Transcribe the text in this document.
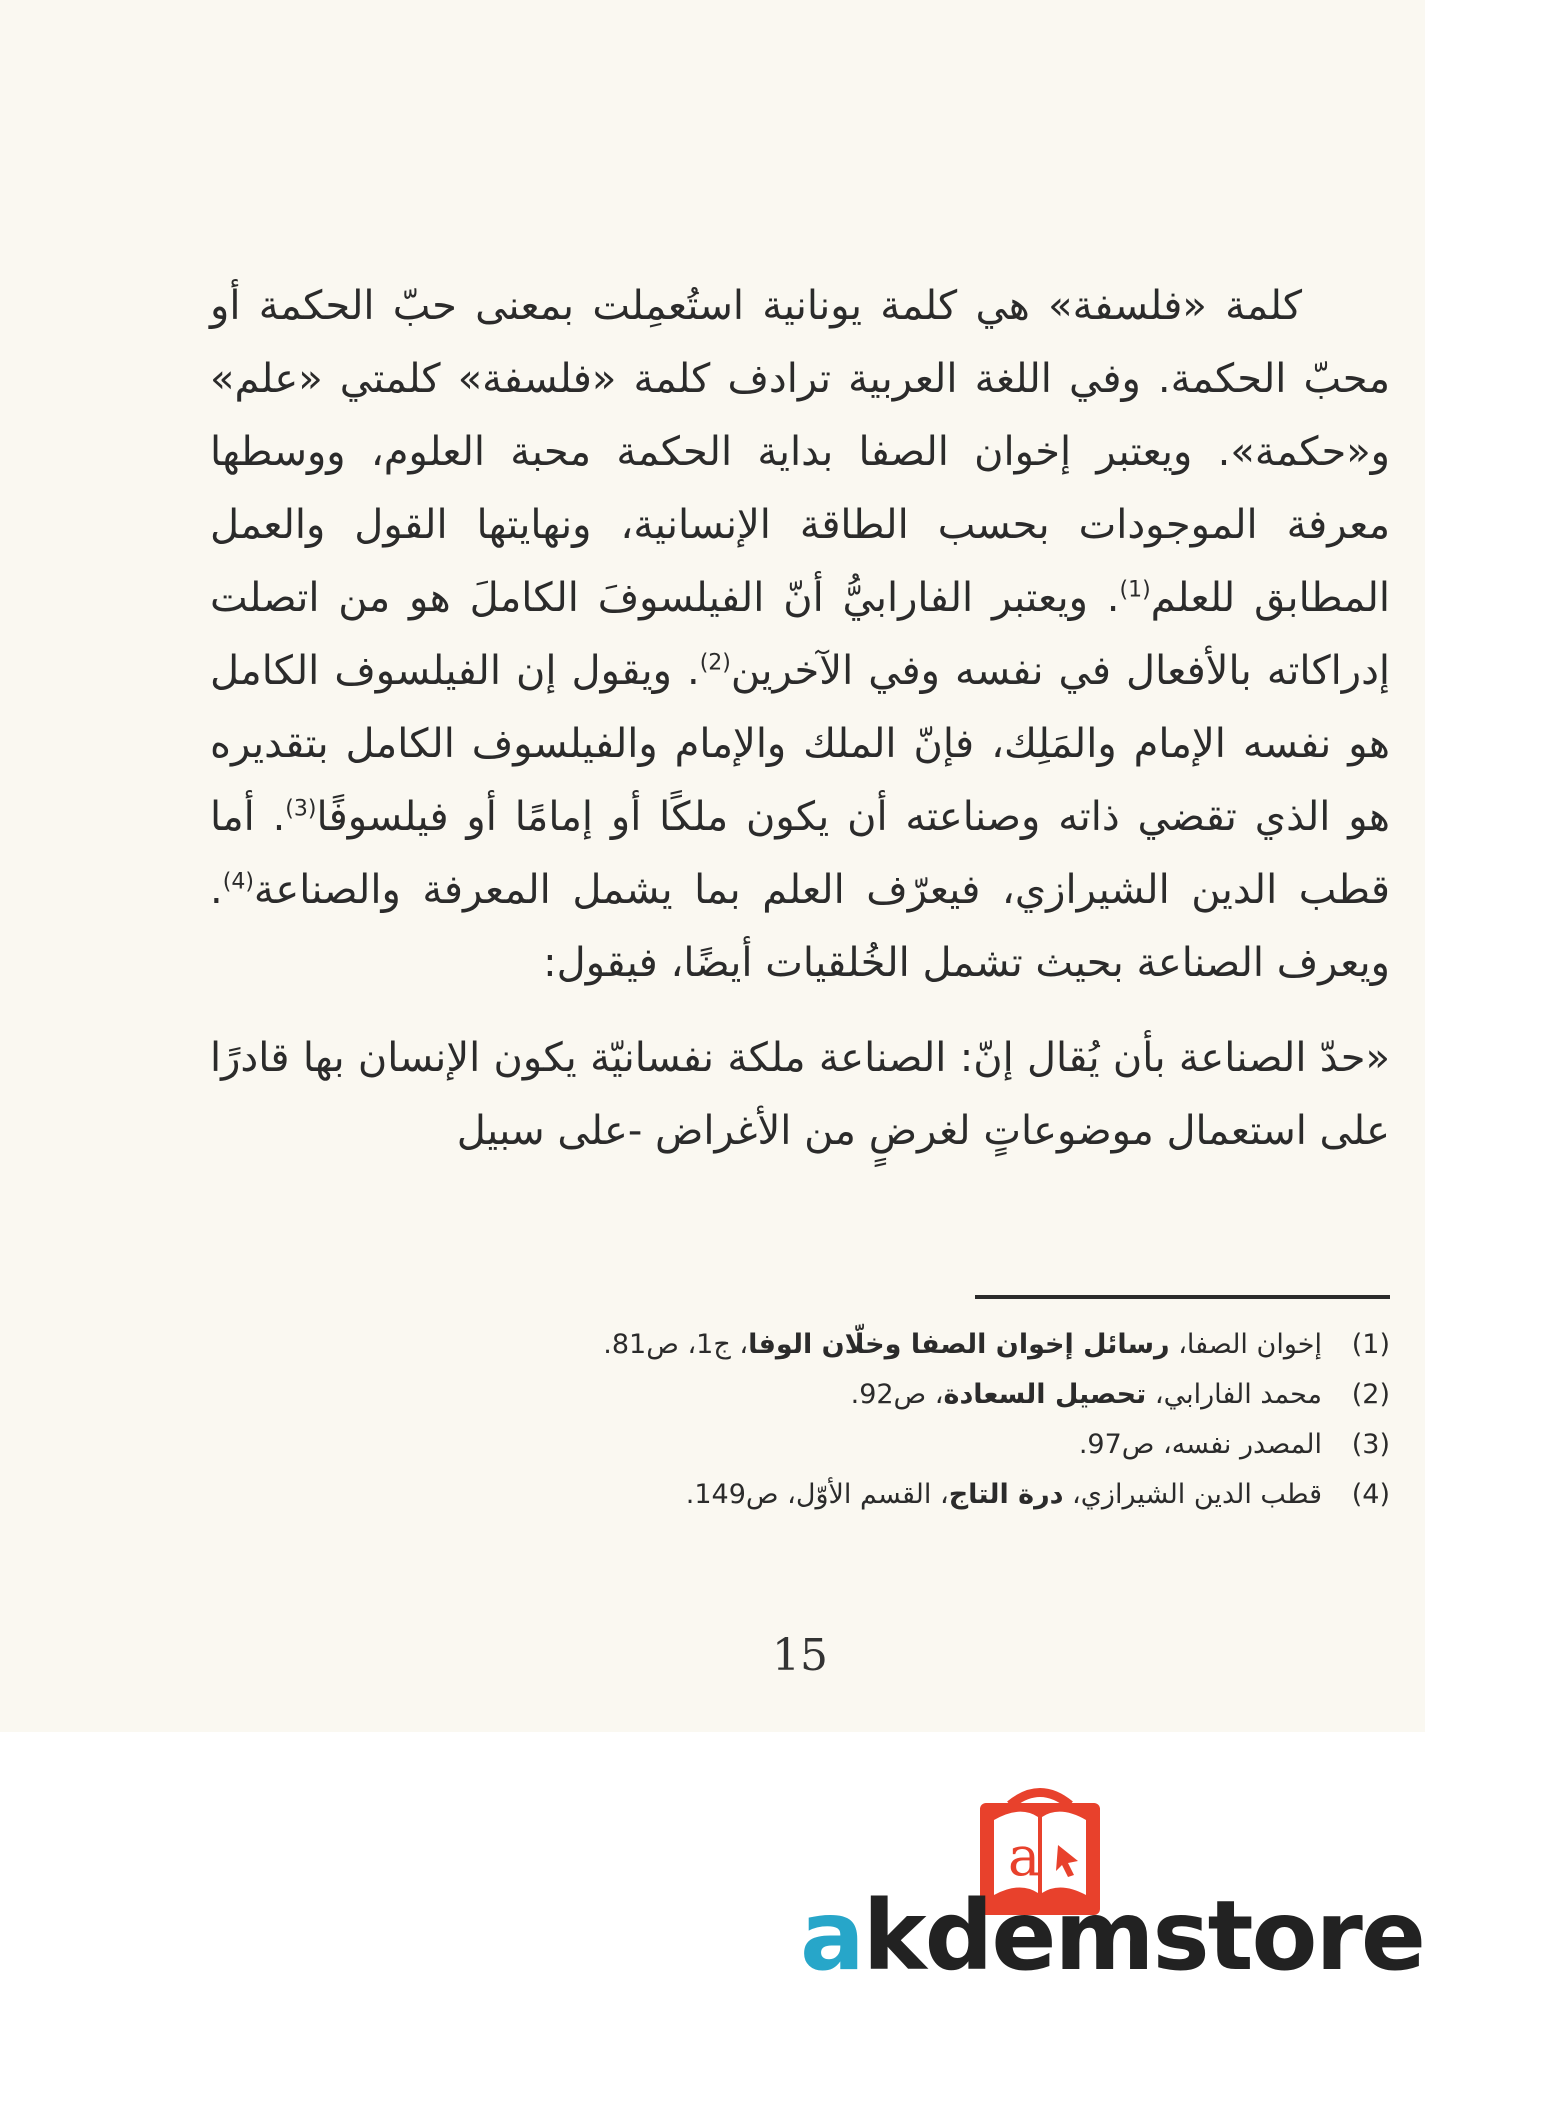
كلمة «فلسفة» هي كلمة يونانية استُعمِلت بمعنى حبّ الحكمة أو محبّ الحكمة. وفي اللغة العربية ترادف كلمة «فلسفة» كلمتي «علم» و«حكمة». ويعتبر إخوان الصفا بداية الحكمة محبة العلوم، ووسطها معرفة الموجودات بحسب الطاقة الإنسانية، ونهايتها القول والعمل المطابق للعلم$^{(1)}$. ويعتبر الفارابيُّ أنّ الفيلسوفَ الكاملَ هو من اتصلت إدراكاته بالأفعال في نفسه وفي الآخرين$^{(2)}$. ويقول إن الفيلسوف الكامل هو نفسه الإمام والمَلِك، فإنّ الملك والإمام والفيلسوف الكامل بتقديره هو الذي تقضي ذاته وصناعته أن يكون ملكًا أو إمامًا أو فيلسوفًا$^{(3)}$. أما قطب الدين الشيرازي، فيعرّف العلم بما يشمل المعرفة والصناعة$^{(4)}$. ويعرف الصناعة بحيث تشمل الخُلقيات أيضًا، فيقول:

«حدّ الصناعة بأن يُقال إنّ: الصناعة ملكة نفسانيّة يكون الإنسان بها قادرًا على استعمال موضوعاتٍ لغرضٍ من الأغراض -على سبيل

(1)
إخوان الصفا، رسائل إخوان الصفا وخلّان الوفا، ج1، ص81.
(2)
محمد الفارابي، تحصيل السعادة، ص92.
(3)
المصدر نفسه، ص97.
(4)
قطب الدين الشيرازي، درة التاج، القسم الأوّل، ص149.
15
a
akdemstore
